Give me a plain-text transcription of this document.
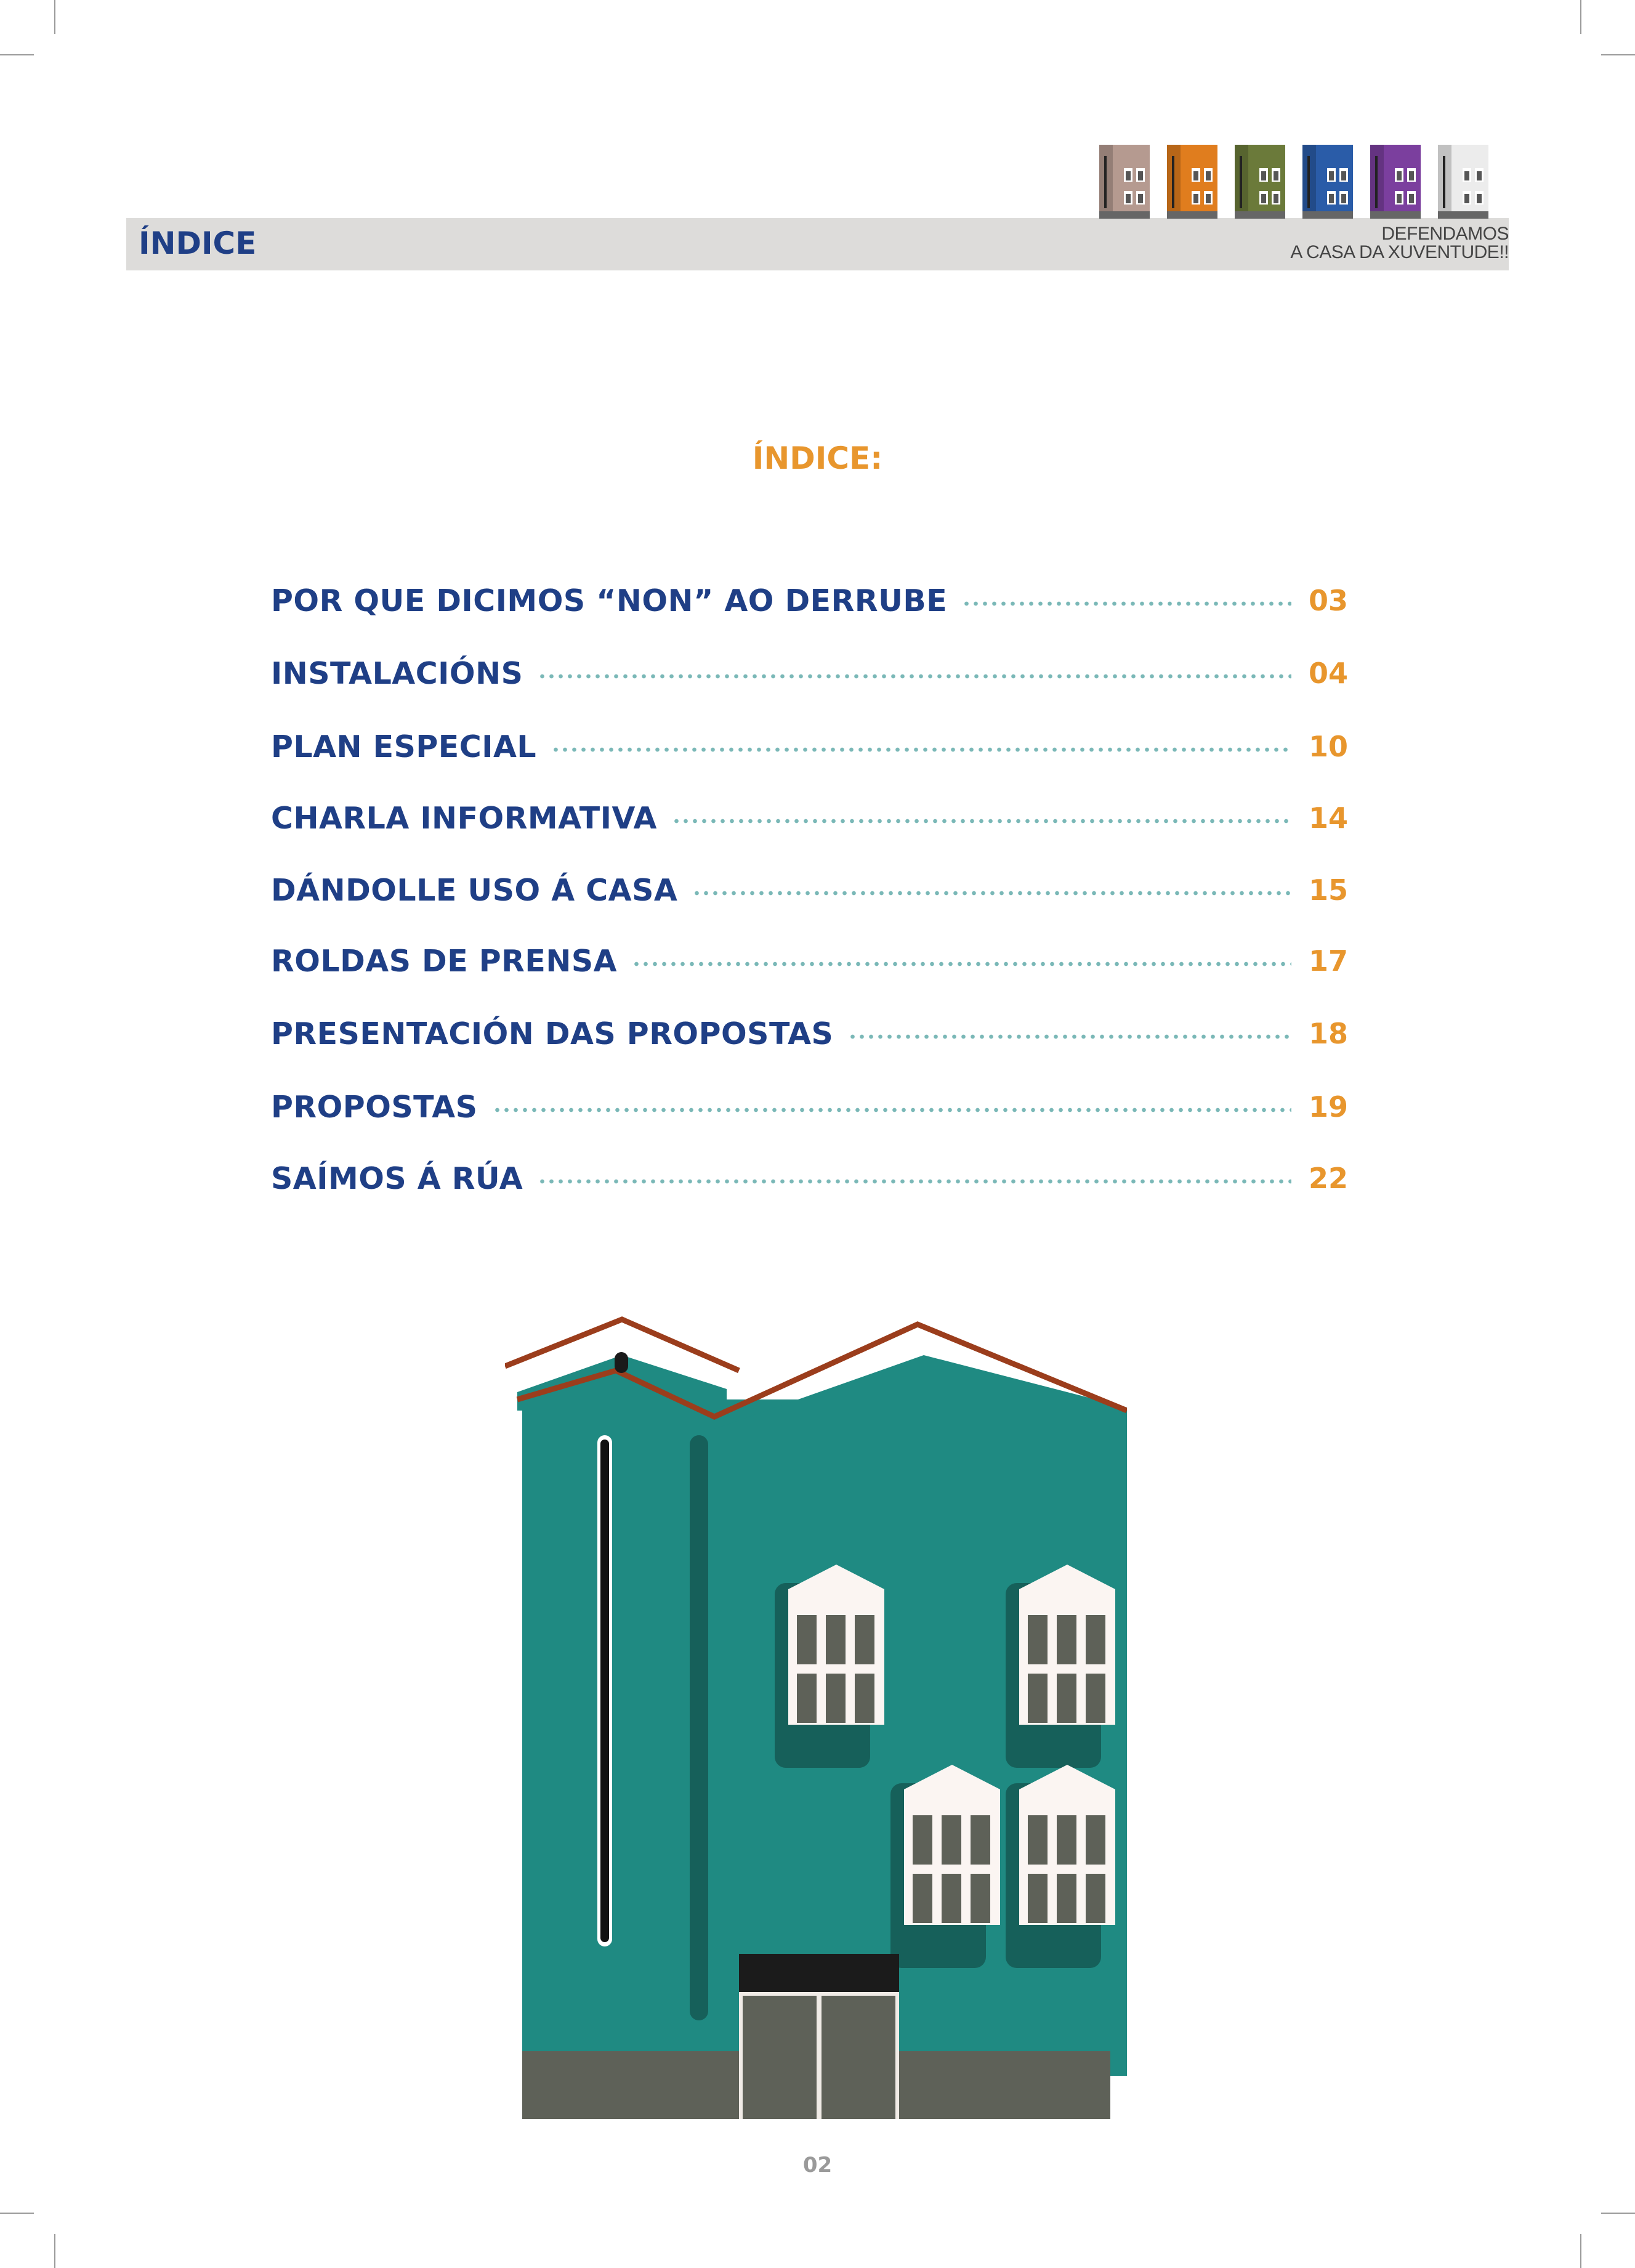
ÍNDICE	DEFENDAMOS
A CASA DA XUVENTUDE!!
ÍNDICE:
POR QUE DICIMOS “NON” AO DERRUBE	03
INSTALACIÓNS	04
PLAN ESPECIAL	10
CHARLA INFORMATIVA	14
DÁNDOLLE USO Á CASA	15
ROLDAS DE PRENSA	17
PRESENTACIÓN DAS PROPOSTAS	18
PROPOSTAS	19
SAÍMOS Á RÚA	22
02
